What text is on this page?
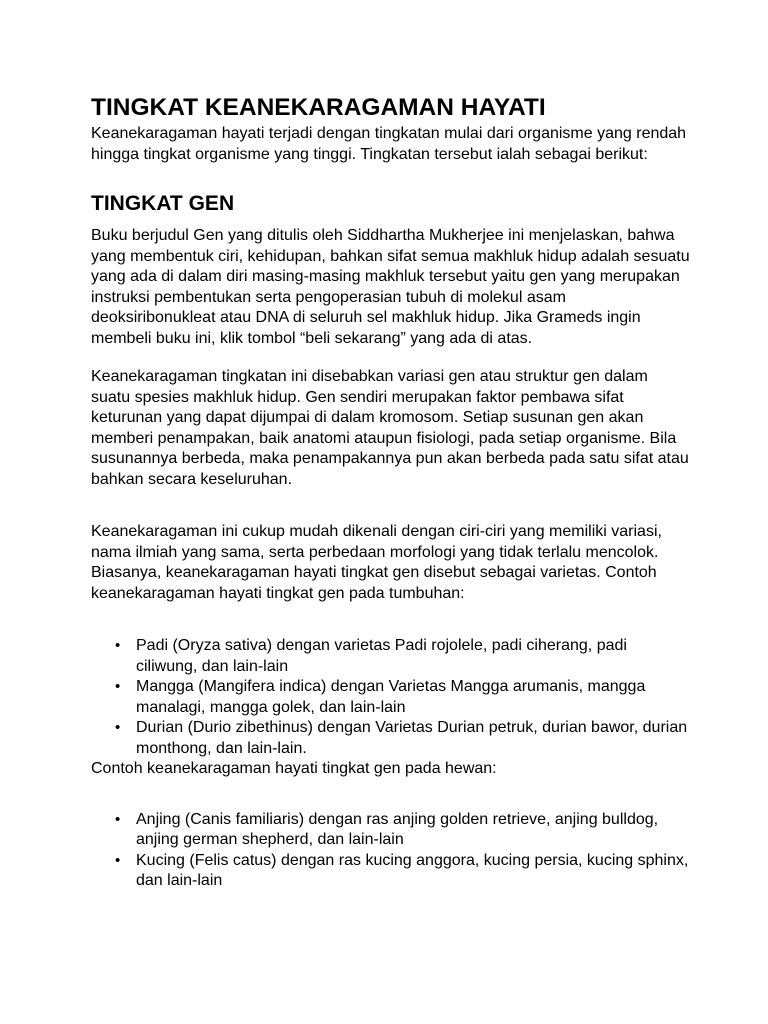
TINGKAT KEANEKARAGAMAN HAYATI

Keanekaragaman hayati terjadi dengan tingkatan mulai dari organisme yang rendah hingga tingkat organisme yang tinggi. Tingkatan tersebut ialah sebagai berikut:

TINGKAT GEN

Buku berjudul Gen yang ditulis oleh Siddhartha Mukherjee ini menjelaskan, bahwa yang membentuk ciri, kehidupan, bahkan sifat semua makhluk hidup adalah sesuatu yang ada di dalam diri masing-masing makhluk tersebut yaitu gen yang merupakan instruksi pembentukan serta pengoperasian tubuh di molekul asam deoksiribonukleat atau DNA di seluruh sel makhluk hidup. Jika Grameds ingin membeli buku ini, klik tombol “beli sekarang” yang ada di atas.

Keanekaragaman tingkatan ini disebabkan variasi gen atau struktur gen dalam suatu spesies makhluk hidup. Gen sendiri merupakan faktor pembawa sifat keturunan yang dapat dijumpai di dalam kromosom. Setiap susunan gen akan memberi penampakan, baik anatomi ataupun fisiologi, pada setiap organisme. Bila susunannya berbeda, maka penampakannya pun akan berbeda pada satu sifat atau bahkan secara keseluruhan.

Keanekaragaman ini cukup mudah dikenali dengan ciri-ciri yang memiliki variasi, nama ilmiah yang sama, serta perbedaan morfologi yang tidak terlalu mencolok. Biasanya, keanekaragaman hayati tingkat gen disebut sebagai varietas. Contoh keanekaragaman hayati tingkat gen pada tumbuhan:

• Padi (Oryza sativa) dengan varietas Padi rojolele, padi ciherang, padi ciliwung, dan lain-lain
• Mangga (Mangifera indica) dengan Varietas Mangga arumanis, mangga manalagi, mangga golek, dan lain-lain
• Durian (Durio zibethinus) dengan Varietas Durian petruk, durian bawor, durian monthong, dan lain-lain.

Contoh keanekaragaman hayati tingkat gen pada hewan:

• Anjing (Canis familiaris) dengan ras anjing golden retrieve, anjing bulldog, anjing german shepherd, dan lain-lain
• Kucing (Felis catus) dengan ras kucing anggora, kucing persia, kucing sphinx, dan lain-lain
